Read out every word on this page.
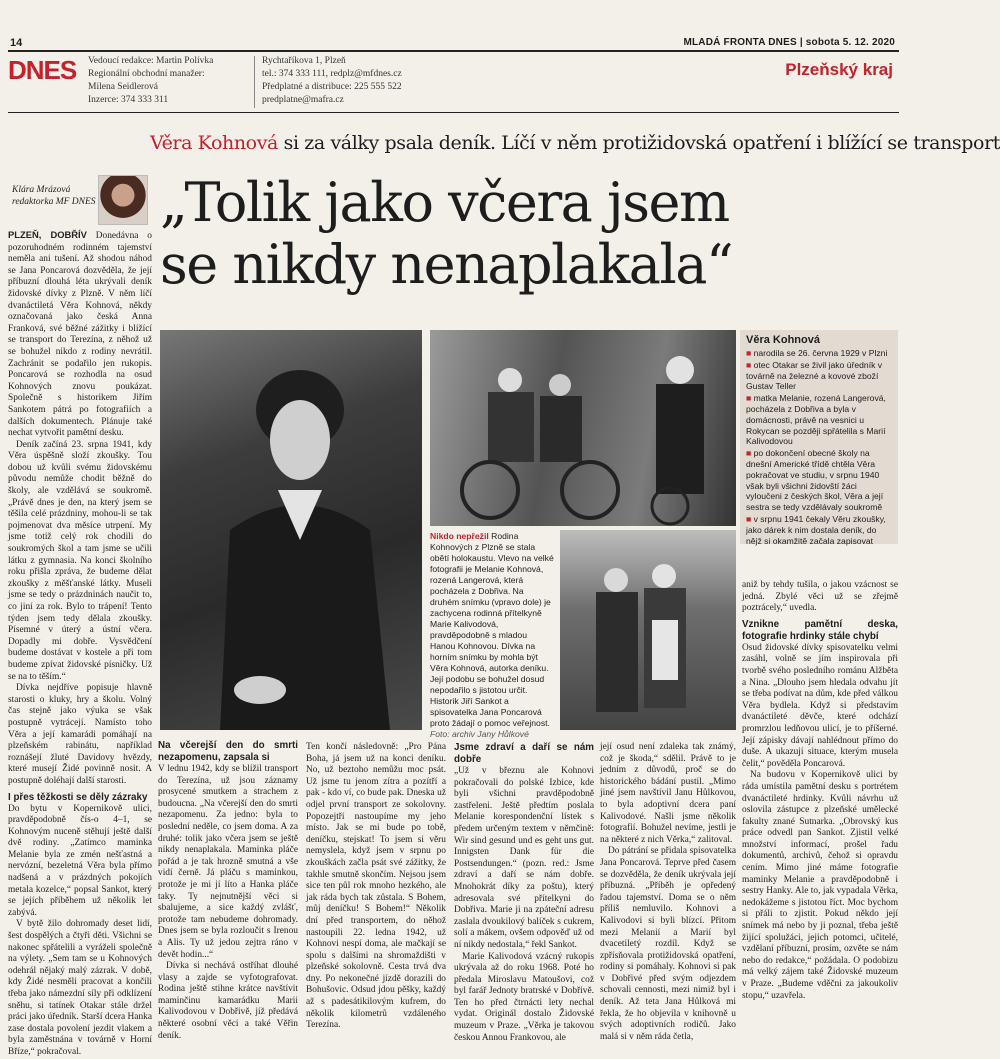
14	MLADÁ FRONTA DNES | sobota 5. 12. 2020
DNES Vedoucí redakce: Martin Polívka
Regionální obchodní manažer:
Milena Seidlerová
Inzerce: 374 333 311
Rychtaříkova 1, Plzeň
tel.: 374 333 111, redplz@mfdnes.cz
Předplatné a distribuce: 225 555 522
predplatne@mafra.cz
Plzeňský kraj
Věra Kohnová si za války psala deník. Líčí v něm protižidovská opatření i blížící se transport
Klára Mrázová
redaktorka MF DNES „Tolik jako včera jsem
se nikdy nenaplakala“

PLZEŇ, DOBŘÍV Donedávna o pozoruhodném rodinném tajemství neměla ani tušení. Až shodou náhod se Jana Poncarová dozvěděla, že její příbuzní dlouhá léta ukrývali deník židovské dívky z Plzně. V něm líčí dvanáctiletá Věra Kohnová, někdy označovaná jako česká Anna Franková, své běžné zážitky i blížící se transport do Terezína, z něhož už se bohužel nikdo z rodiny nevrátil. Zachránit se podařilo jen rukopis. Poncarová se rozhodla na osud Kohnových znovu poukázat. Společně s historikem Jiřím Sankotem pátrá po fotografiích a dalších dokumentech. Plánuje také nechat vytvořit pamětní desku.

Deník začíná 23. srpna 1941, kdy Věra úspěšně složí zkoušky. Tou dobou už kvůli svému židovskému původu nemůže chodit běžně do školy, ale vzdělává se soukromě. „Právě dnes je den, na který jsem se těšila celé prázdniny, mohou-li se tak pojmenovat dva měsíce utrpení. My jsme totiž celý rok chodili do soukromých škol a tam jsme se učili látku z gymnasia. Na konci školního roku přišla zpráva, že budeme dělat zkoušky z měšťanské látky. Museli jsme se tedy o prázdninách naučit to, co jiní za rok. Bylo to trápení! Tento týden jsem tedy dělala zkoušky. Písemné v úterý a ústní včera. Dopadly mi dobře. Vysvědčení budeme dostávat v kostele a při tom budeme zpívat židovské písničky. Už se na to těším.“

Dívka nejdříve popisuje hlavně starosti o kluky, hry a školu. Volný čas stejně jako výuka se však postupně vytrácejí. Namísto toho Věra a její kamarádi pomáhají na plzeňském rabinátu, například roznášejí žluté Davidovy hvězdy, které musejí Židé povinně nosit. A postupně doléhají další starosti.

I přes těžkosti se děly zázraky

Do bytu v Kopernikově ulici, pravděpodobně čís-o 4–1, se Kohnovým nuceně stěhují ještě další dvě rodiny. „Zatímco maminka Melanie byla ze zmén nešťastná a nervózní, bezeletná Věra byla přímo nadšená a v prázdných pokojích metala kozelce,“ popsal Sankot, který se jejích příběhem už několik let zabývá.

V bytě žilo dohromady deset lidí, šest dospělých a čtyři děti. Všichni se nakonec spřátelili a vyráželi společně na výlety. „Sem tam se u Kohnových odehrál nějaký malý zázrak. V době, kdy Židé nesměli pracovat a končili třeba jako námezdní síly při odklízení sněhu, si tatínek Otakar stále držel práci jako úředník. Starší dcera Hanka zase dostala povolení jezdit vlakem a byla zaměstnána v továrně v Horní Břízе,“ pokračoval.

Nikdo nepřežil Rodina Kohnových z Plzně se stala obětí holokaustu. Vlevo na velké fotografii je Melanie Kohnová, rozená Langerová, která pocházela z Dobřiva. Na druhém snímku (vpravo dole) je zachycena rodinná přítelkyně Marie Kalivodová, pravděpodobně s mladou Hanou Kohnovou. Dívka na horním snímku by mohla být Věra Kohnová, autorka deníku. Její podobu se bohužel dosud nepodařilo s jistotou určit. Historik Jiří Sankot a spisovatelka Jana Poncarová proto žádají o pomoc veřejnost.
Foto: archiv Jany Hůlkové
Věra Kohnová
■ narodila se 26. června 1929 v Plzni
■ otec Otakar se živil jako úředník v továrně na železné a kovové zboží Gustav Teller
■ matka Melanie, rozená Langerová, pocházela z Dobřiva a byla v domácnosti, právě na vesnici u Rokycan se později spřátelila s Marií Kalivodovou
■ po dokončení obecné školy na dnešní Americké třídě chtěla Věra pokračovat ve studiu, v srpnu 1940 však byli všichni židovští žáci vyloučeni z českých škol, Věra a její sestra se tedy vzdělávaly soukromě
■ v srpnu 1941 čekaly Věru zkoušky, jako dárek k nim dostala deník, do nějž si okamžitě začala zapisovat
Na včerejší den do smrti nezapomenu, zapsala si

V lednu 1942, kdy se blížil transport do Terezína, už jsou záznamy prosycené smutkem a strachem z budoucna. „Na včerejší den do smrti nezapomenu. Za jedno: byla to poslední neděle, co jsem doma. A za druhé: tolik jako včera jsem se ještě nikdy nenaplakala. Maminka pláče pořád a je tak hrozně smutná a vše vidí černě. Já pláču s maminkou, protože je mi jí líto a Hanka pláče taky. Ty nejnutnější věci si sbalujeme, a sice každý zvlášť, protože tam nebudeme dohromady. Dnes jsem se byla rozloučit s Irenou a Alis. Ty už jedou zejtra ráno v devět hodin...“

Dívka si nechává ostříhat dlouhé vlasy a zajde se vyfotografovat. Rodina ještě stihne krátce navštívit maminčinu kamarádku Marii Kalivodovou v Dobřivě, jíž předává některé osobní věci a také Věřin deník.

Ten končí následovně: „Pro Pána Boha, já jsem už na konci deníku. No, už beztoho nemůžu moc psát. Už jsme tu jenom zítra a pozítří a pak - kdo ví, co bude pak. Dneska už odjel první transport ze sokolovny. Popozejtří nastoupíme my jeho místo. Jak se mi bude po tobě, deníčku, stejskat! To jsem si věru nemyslela, když jsem v srpnu po zkouškách začla psát své zážitky, že takhle smutně skončím. Nejsou jsem sice ten půl rok mnoho hezkého, ale jak ráda bych tak zůstala. S Bohem, můj deníčku! S Bohem!“ Několik dní před transportem, do něhož nastoupili 22. ledna 1942, už Kohnovi nespí doma, ale mačkají se spolu s dalšími na shromaždišti v plzeňské sokolovně. Cesta trvá dva dny. Po nekonečné jízdě dorazili do Bohušovic. Odsud jdou pěšky, každý až s padesátikilovým kufrem, do několik kilometrů vzdáleného Terezína.

Jsme zdraví a daří se nám dobře

„Už v březnu ale Kohnovi pokračovali do polské Izbice, kde byli všichni pravděpodobně zastřeleni. Ještě předtím poslala Melanie korespondenční lístek s předem určeným textem v němčině: Wir sind gesund und es geht uns gut. Innigsten Dank für die Postsendungen.“ (pozn. red.: Jsme zdraví a daří se nám dobře. Mnohokrát díky za poštu), který adresovala své přítelkyni do Dobřiva. Marie ji na zpáteční adresu zaslala dvoukilový balíček s cukrem, solí a mákem, ovšem odpověď už od ní nikdy nedostala,“ řekl Sankot.

Marie Kalivodová vzácný rukopis ukrývala až do roku 1968. Poté ho předala Miroslavu Matoušovi, což byl farář Jednoty bratrské v Dobřivě. Ten ho před čtrnácti lety nechal vydat. Originál dostalo Židovské muzeum v Praze. „Věrka je takovou českou Annou Frankovou, ale

její osud není zdaleka tak známý, což je škoda,“ sdělil. Právě to je jedním z důvodů, proč se do historického bádání pustil. „Mimo jiné jsem navštívil Janu Hůlkovou, to byla adoptivní dcera paní Kalivodové. Našli jsme několik fotografií. Bohužel nevíme, jestli je na některé z nich Věrka,“ zalitoval.

Do pátrání se přidala spisovatelka Jana Poncarová. Teprve před časem se dozvěděla, že deník ukrývala její příbuzná. „Příběh je opředený řadou tajemství. Doma se o něm příliš nemluvilo. Kohnovi a Kalivodovi si byli blízcí. Přitom mezi Melanií a Marií byl dvacetiletý rozdíl. Když se zpřísňovala protižidovská opatření, rodiny si pomáhaly. Kohnovi si pak v Dobřivé před svým odjezdem schovali cennosti, mezi nimiž byl i deník. Až teta Jana Hůlková mi řekla, že ho objevila v knihovně u svých adoptivních rodičů. Jako malá si v něm ráda četla,

aniž by tehdy tušila, o jakou vzácnost se jedná. Zbylé věci už se zřejmě poztrácely,“ uvedla.

Vznikne pamětní deska, fotografie hrdinky stále chybí

Osud židovské dívky spisovatelku velmi zasáhl, volně se jím inspirovala při tvorbě svého posledního románu Alžběta a Nina. „Dlouho jsem hledala odvahu jít se třeba podívat na dům, kde před válkou Věra bydlela. Když si představím dvanáctileté děvče, které odchází promrzlou ledňovou ulicí, je to příšerné. Její zápisky dávají nahlédnout přímo do duše. A ukazují situace, kterým musela čelit,“ pověděla Poncarová.

Na budovu v Kopernikově ulici by ráda umístila pamětní desku s portrétem dvanáctileté hrdinky. Kvůli návrhu už oslovila zástupce z plzeňské umělecké fakulty znané Sutnarka. „Obrovský kus práce odvedl pan Sankot. Zjistil velké množství informací, prošel řadu dokumentů, archivů, čehož si opravdu cením. Mimo jiné máme fotografie maminky Melanie a pravděpodobně i sestry Hanky. Ale to, jak vypadala Věrka, nedokážeme s jistotou říct. Moc bychom si přáli to zjistit. Pokud někdo její snímek má nebo by ji poznal, třeba ještě žijící spolužáci, jejich potomci, učitelé, vzdělaní příbuzní, prosím, ozvěte se nám nebo do redakce,“ požádala. O podobizu má velký zájem také Židovské muzeum v Praze. „Budeme vděčni za jakoukoliv stopu,“ uzavřela.
